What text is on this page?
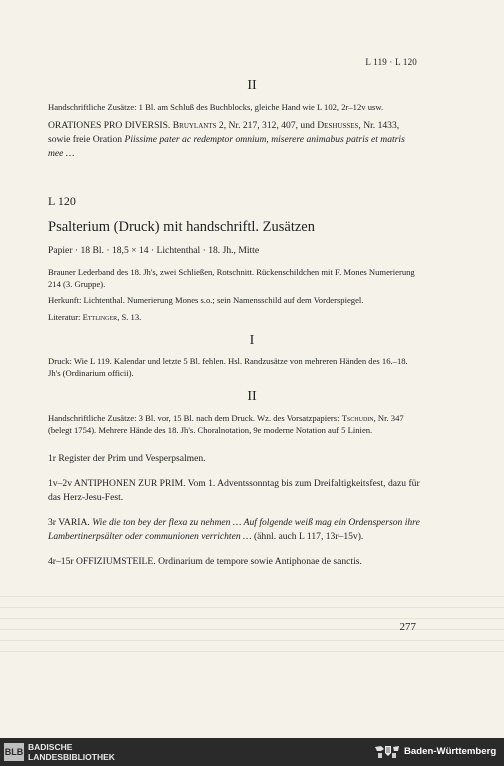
L 119 · L 120
II

Handschriftliche Zusätze: 1 Bl. am Schluß des Buchblocks, gleiche Hand wie L 102, 2r–12v usw.

ORATIONES PRO DIVERSIS. Bruylants 2, Nr. 217, 312, 407, und Deshusses, Nr. 1433,
sowie freie Oration Piissime pater ac redemptor omnium, miserere animabus patris et matris mee …

L 120
Psalterium (Druck) mit handschriftl. Zusätzen

Papier · 18 Bl. · 18,5 × 14 · Lichtenthal · 18. Jh., Mitte

Brauner Lederband des 18. Jh's, zwei Schließen, Rotschnitt. Rückenschildchen mit F. Mones Numerierung 214 (3. Gruppe).

Herkunft: Lichtenthal. Numerierung Mones s.o.; sein Namensschild auf dem Vorderspiegel.

Literatur: Ettlinger, S. 13.

I

Druck: Wie L 119. Kalendar und letzte 5 Bl. fehlen. Hsl. Randzusätze von mehreren Händen des 16.–18. Jh's (Ordinarium officii).

II

Handschriftliche Zusätze: 3 Bl. vor, 15 Bl. nach dem Druck. Wz. des Vorsatzpapiers: Tschudin, Nr. 347 (belegt 1754). Mehrere Hände des 18. Jh's. Choralnotation, 9e moderne Notation auf 5 Linien.

1r Register der Prim und Vesperpsalmen.

1v–2v ANTIPHONEN ZUR PRIM. Vom 1. Adventssonntag bis zum Dreifaltigkeitsfest, dazu für das Herz-Jesu-Fest.

3r VARIA. Wie die ton bey der flexa zu nehmen … Auf folgende weiß mag ein Ordensperson ihre Lambertinerpsälter oder communionen verrichten … (ähnl. auch L 117, 13r–15v).

4r–15r OFFIZIUMSTEILE. Ordinarium de tempore sowie Antiphonae de sanctis.

277
BLB BADISCHE
LANDESBIBLIOTHEK	Baden-Württemberg
